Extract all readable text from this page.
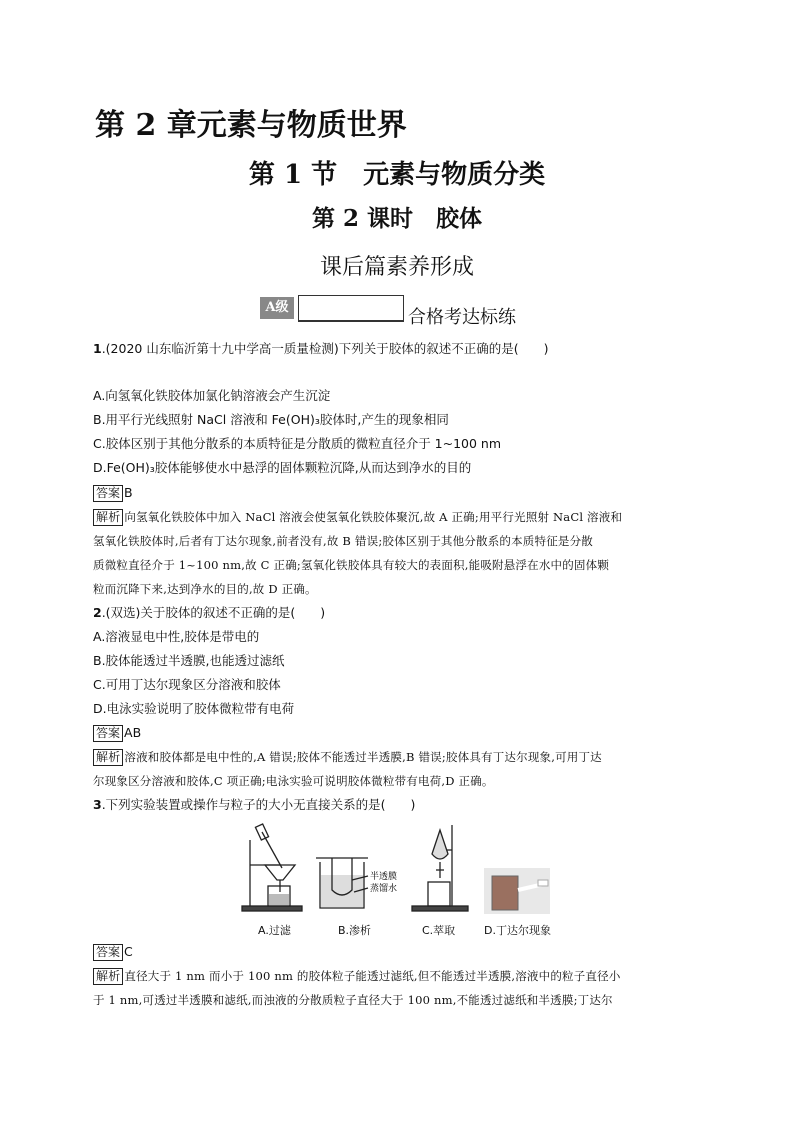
第 2 章元素与物质世界
第 1 节　元素与物质分类
第 2 课时　胶体
课后篇素养形成
A级	合格考达标练
1.(2020 山东临沂第十九中学高一质量检测)下列关于胶体的叙述不正确的是(　　)
A.向氢氧化铁胶体加氯化钠溶液会产生沉淀
B.用平行光线照射 NaCl 溶液和 Fe(OH)₃胶体时,产生的现象相同
C.胶体区别于其他分散系的本质特征是分散质的微粒直径介于 1~100 nm
D.Fe(OH)₃胶体能够使水中悬浮的固体颗粒沉降,从而达到净水的目的
答案 B
解析 向氢氧化铁胶体中加入 NaCl 溶液会使氢氧化铁胶体聚沉,故 A 正确;用平行光照射 NaCl 溶液和
氢氧化铁胶体时,后者有丁达尔现象,前者没有,故 B 错误;胶体区别于其他分散系的本质特征是分散
质微粒直径介于 1~100 nm,故 C 正确;氢氧化铁胶体具有较大的表面积,能吸附悬浮在水中的固体颗
粒而沉降下来,达到净水的目的,故 D 正确。
2.(双选)关于胶体的叙述不正确的是(　　)
A.溶液显电中性,胶体是带电的
B.胶体能透过半透膜,也能透过滤纸
C.可用丁达尔现象区分溶液和胶体
D.电泳实验说明了胶体微粒带有电荷
答案 AB
解析 溶液和胶体都是电中性的,A 错误;胶体不能透过半透膜,B 错误;胶体具有丁达尔现象,可用丁达
尔现象区分溶液和胶体,C 项正确;电泳实验可说明胶体微粒带有电荷,D 正确。
3.下列实验装置或操作与粒子的大小无直接关系的是(　　)
半透膜
蒸馏水
A.过滤	B.渗析	C.萃取	D.丁达尔现象
答案 C
解析 直径大于 1 nm 而小于 100 nm 的胶体粒子能透过滤纸,但不能透过半透膜,溶液中的粒子直径小
于 1 nm,可透过半透膜和滤纸,而浊液的分散质粒子直径大于 100 nm,不能透过滤纸和半透膜;丁达尔
